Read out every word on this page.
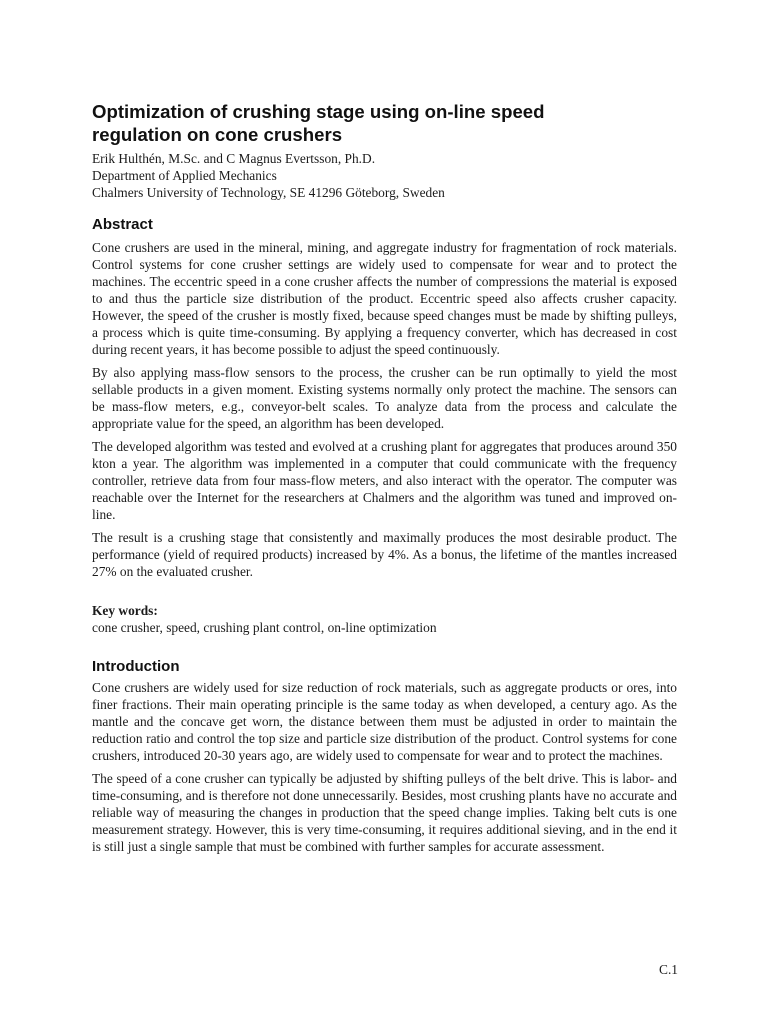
Optimization of crushing stage using on-line speed
regulation on cone crushers
Erik Hulthén, M.Sc. and C Magnus Evertsson, Ph.D.
Department of Applied Mechanics
Chalmers University of Technology, SE 41296 Göteborg, Sweden
Abstract

Cone crushers are used in the mineral, mining, and aggregate industry for fragmentation of rock materials. Control systems for cone crusher settings are widely used to compensate for wear and to protect the machines. The eccentric speed in a cone crusher affects the number of compressions the material is exposed to and thus the particle size distribution of the product. Eccentric speed also affects crusher capacity. However, the speed of the crusher is mostly fixed, because speed changes must be made by shifting pulleys, a process which is quite time-consuming. By applying a frequency converter, which has decreased in cost during recent years, it has become possible to adjust the speed continuously.

By also applying mass-flow sensors to the process, the crusher can be run optimally to yield the most sellable products in a given moment. Existing systems normally only protect the machine. The sensors can be mass-flow meters, e.g., conveyor-belt scales. To analyze data from the process and calculate the appropriate value for the speed, an algorithm has been developed.

The developed algorithm was tested and evolved at a crushing plant for aggregates that produces around 350 kton a year. The algorithm was implemented in a computer that could communicate with the frequency controller, retrieve data from four mass-flow meters, and also interact with the operator. The computer was reachable over the Internet for the researchers at Chalmers and the algorithm was tuned and improved on-line.

The result is a crushing stage that consistently and maximally produces the most desirable product. The performance (yield of required products) increased by 4%. As a bonus, the lifetime of the mantles increased 27% on the evaluated crusher.

Key words:
cone crusher, speed, crushing plant control, on-line optimization
Introduction

Cone crushers are widely used for size reduction of rock materials, such as aggregate products or ores, into finer fractions. Their main operating principle is the same today as when developed, a century ago. As the mantle and the concave get worn, the distance between them must be adjusted in order to maintain the reduction ratio and control the top size and particle size distribution of the product. Control systems for cone crushers, introduced 20-30 years ago, are widely used to compensate for wear and to protect the machines.

The speed of a cone crusher can typically be adjusted by shifting pulleys of the belt drive. This is labor- and time-consuming, and is therefore not done unnecessarily. Besides, most crushing plants have no accurate and reliable way of measuring the changes in production that the speed change implies. Taking belt cuts is one measurement strategy. However, this is very time-consuming, it requires additional sieving, and in the end it is still just a single sample that must be combined with further samples for accurate assessment.

C.1
